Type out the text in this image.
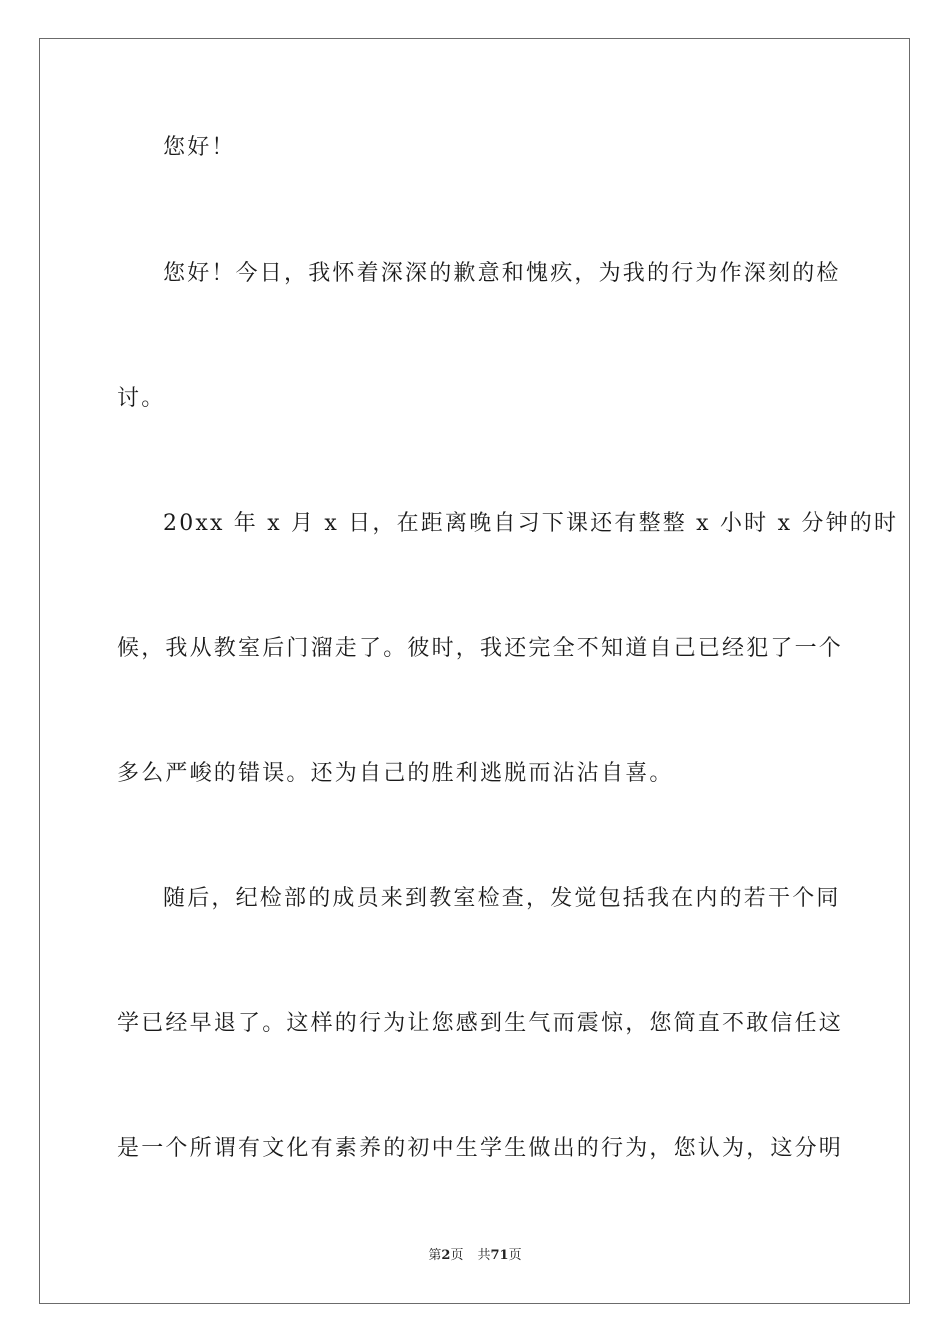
您好！
您好！今日，我怀着深深的歉意和愧疚，为我的行为作深刻的检
讨。
20xx 年 x 月 x 日，在距离晚自习下课还有整整 x 小时 x 分钟的时
候，我从教室后门溜走了。彼时，我还完全不知道自己已经犯了一个
多么严峻的错误。还为自己的胜利逃脱而沾沾自喜。
随后，纪检部的成员来到教室检查，发觉包括我在内的若干个同
学已经早退了。这样的行为让您感到生气而震惊，您简直不敢信任这
是一个所谓有文化有素养的初中生学生做出的行为，您认为，这分明
第2页 共71页
